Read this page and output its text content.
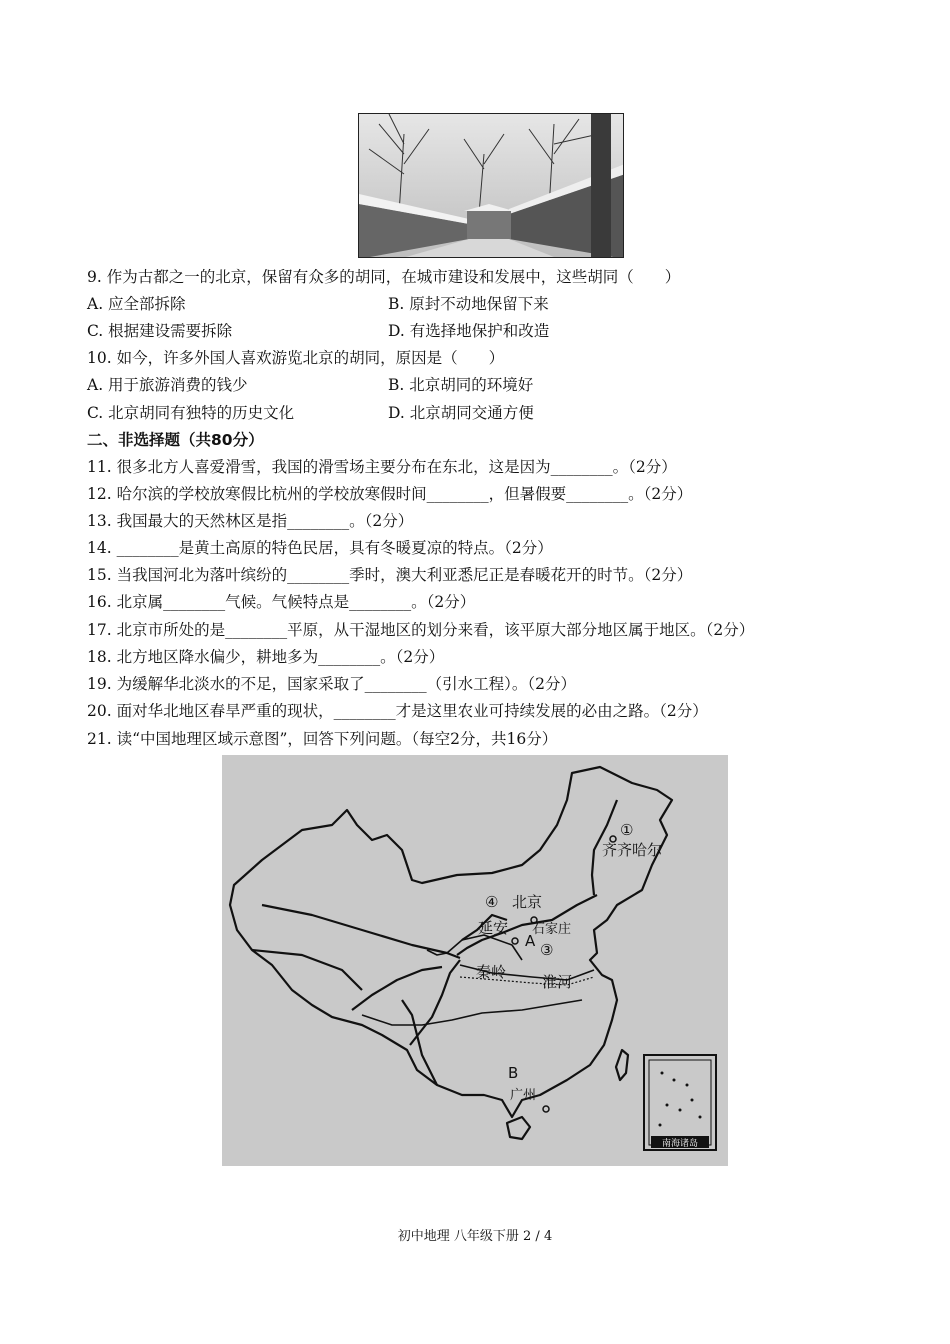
9. 作为古都之一的北京，保留有众多的胡同，在城市建设和发展中，这些胡同（　　）
A. 应全部拆除	B. 原封不动地保留下来
C. 根据建设需要拆除	D. 有选择地保护和改造
10. 如今，许多外国人喜欢游览北京的胡同，原因是（　　）
A. 用于旅游消费的钱少	B. 北京胡同的环境好
C. 北京胡同有独特的历史文化	D. 北京胡同交通方便
二、非选择题（共80分）
11. 很多北方人喜爱滑雪，我国的滑雪场主要分布在东北，这是因为________。（2分）
12. 哈尔滨的学校放寒假比杭州的学校放寒假时间________，但暑假要________。（2分）
13. 我国最大的天然林区是指________。（2分）
14. ________是黄土高原的特色民居，具有冬暖夏凉的特点。（2分）
15. 当我国河北为落叶缤纷的________季时，澳大利亚悉尼正是春暖花开的时节。（2分）
16. 北京属________气候。气候特点是________。（2分）
17. 北京市所处的是________平原，从干湿地区的划分来看，该平原大部分地区属于地区。（2分）
18. 北方地区降水偏少，耕地多为________。（2分）
19. 为缓解华北淡水的不足，国家采取了________（引水工程）。（2分）
20. 面对华北地区春旱严重的现状，________才是这里农业可持续发展的必由之路。（2分）
21. 读“中国地理区域示意图”，回答下列问题。（每空2分，共16分）
南海诸岛
①
齐齐哈尔
④ 北京
延安 石家庄
A ③
秦岭
淮河
B
广州
初中地理 八年级下册 2 / 4
